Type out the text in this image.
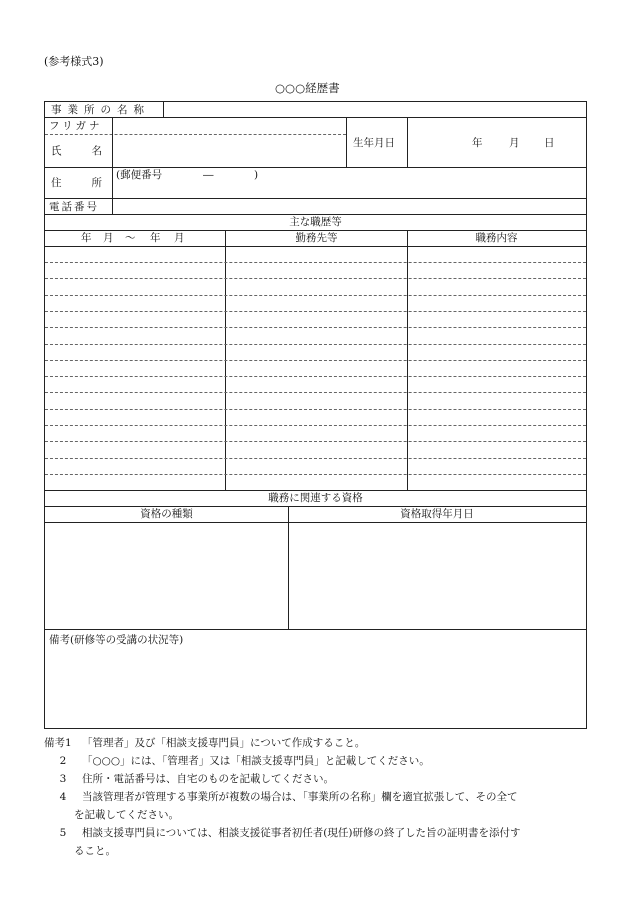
(参考様式3)
○○○経歴書
事業所の名称
フリガナ
氏　　名
生年月日	年	月 日
住　　所
(郵便番号	―	)
電話番号
主な職歴等
年 月 ～ 年 月	勤務先等	職務内容
職務に関連する資格
資格の種類	資格取得年月日
備考(研修等の受講の状況等)
備考1 「管理者」及び「相談支援専門員」について作成すること。
2 「○○○」には、「管理者」又は「相談支援専門員」と記載してください。
3 住所・電話番号は、自宅のものを記載してください。
4 当該管理者が管理する事業所が複数の場合は、「事業所の名称」欄を適宜拡張して、その全て
を記載してください。
5 相談支援専門員については、相談支援従事者初任者(現任)研修の終了した旨の証明書を添付す
ること。
